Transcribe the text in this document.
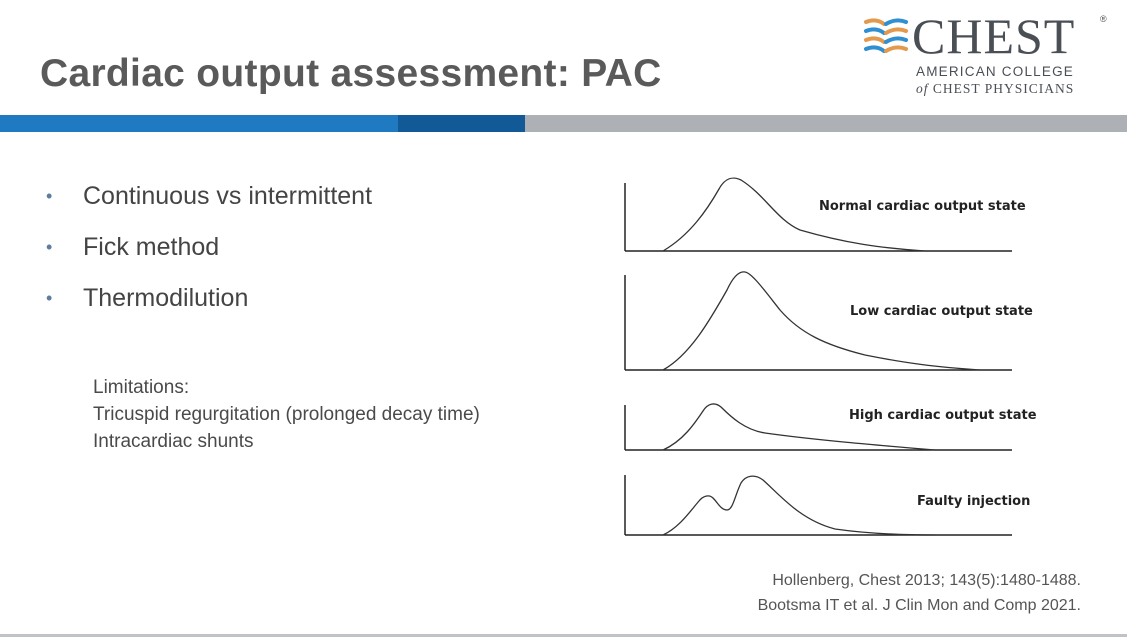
Cardiac output assessment: PAC
CHEST	®
AMERICAN COLLEGE
of CHEST PHYSICIANS
• Continuous vs intermittent
• Fick method
• Thermodilution
Limitations:
Tricuspid regurgitation (prolonged decay time)
Intracardiac shunts
Normal cardiac output state
Low cardiac output state
High cardiac output state
Faulty injection
Hollenberg, Chest 2013; 143(5):1480-1488.
Bootsma IT et al. J Clin Mon and Comp 2021.
